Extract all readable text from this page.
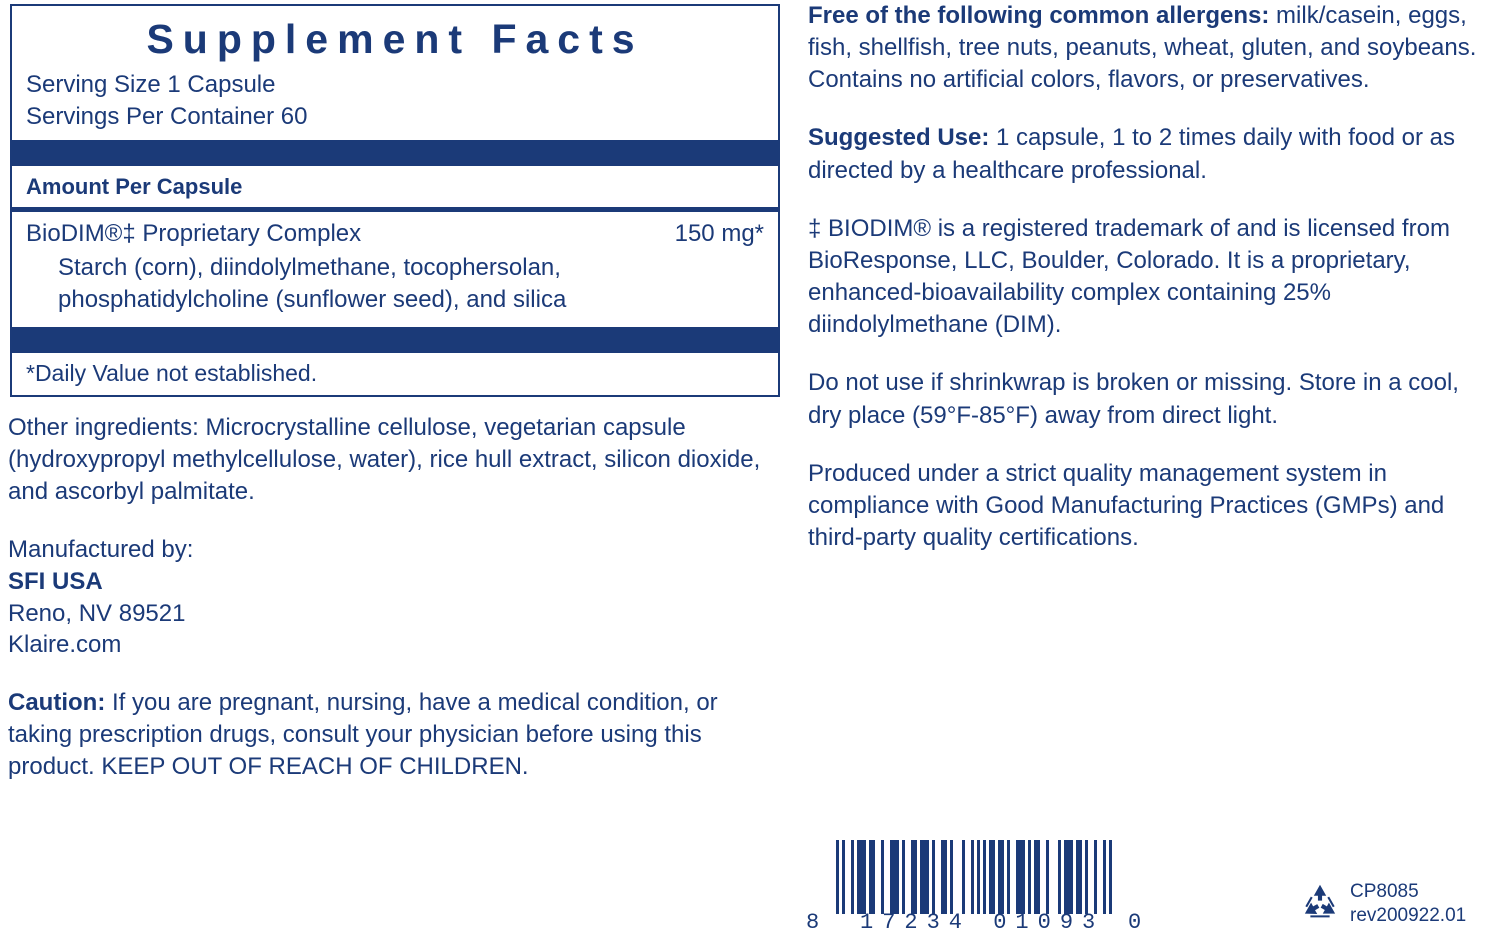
Supplement Facts
Serving Size 1 Capsule
Servings Per Container 60
Amount Per Capsule
BioDIM®‡ Proprietary Complex	150 mg*
Starch (corn), diindolylmethane, tocophersolan, phosphatidylcholine (sunflower seed), and silica
*Daily Value not established.

Other ingredients: Microcrystalline cellulose, vegetarian capsule (hydroxypropyl methylcellulose, water), rice hull extract, silicon dioxide, and ascorbyl palmitate.

Manufactured by:
SFI USA
Reno, NV 89521
Klaire.com

Caution: If you are pregnant, nursing, have a medical condition, or taking prescription drugs, consult your physician before using this product. KEEP OUT OF REACH OF CHILDREN.

Free of the following common allergens: milk/casein, eggs, fish, shellfish, tree nuts, peanuts, wheat, gluten, and soybeans. Contains no artificial colors, flavors, or preservatives.

Suggested Use: 1 capsule, 1 to 2 times daily with food or as directed by a healthcare professional.

‡ BIODIM® is a registered trademark of and is licensed from BioResponse, LLC, Boulder, Colorado. It is a proprietary, enhanced-bioavailability complex containing 25% diindolylmethane (DIM).

Do not use if shrinkwrap is broken or missing. Store in a cool, dry place (59°F-85°F) away from direct light.

Produced under a strict quality management system in compliance with Good Manufacturing Practices (GMPs) and third-party quality certifications.

8 17234 01093 0
CP8085
rev200922.01
